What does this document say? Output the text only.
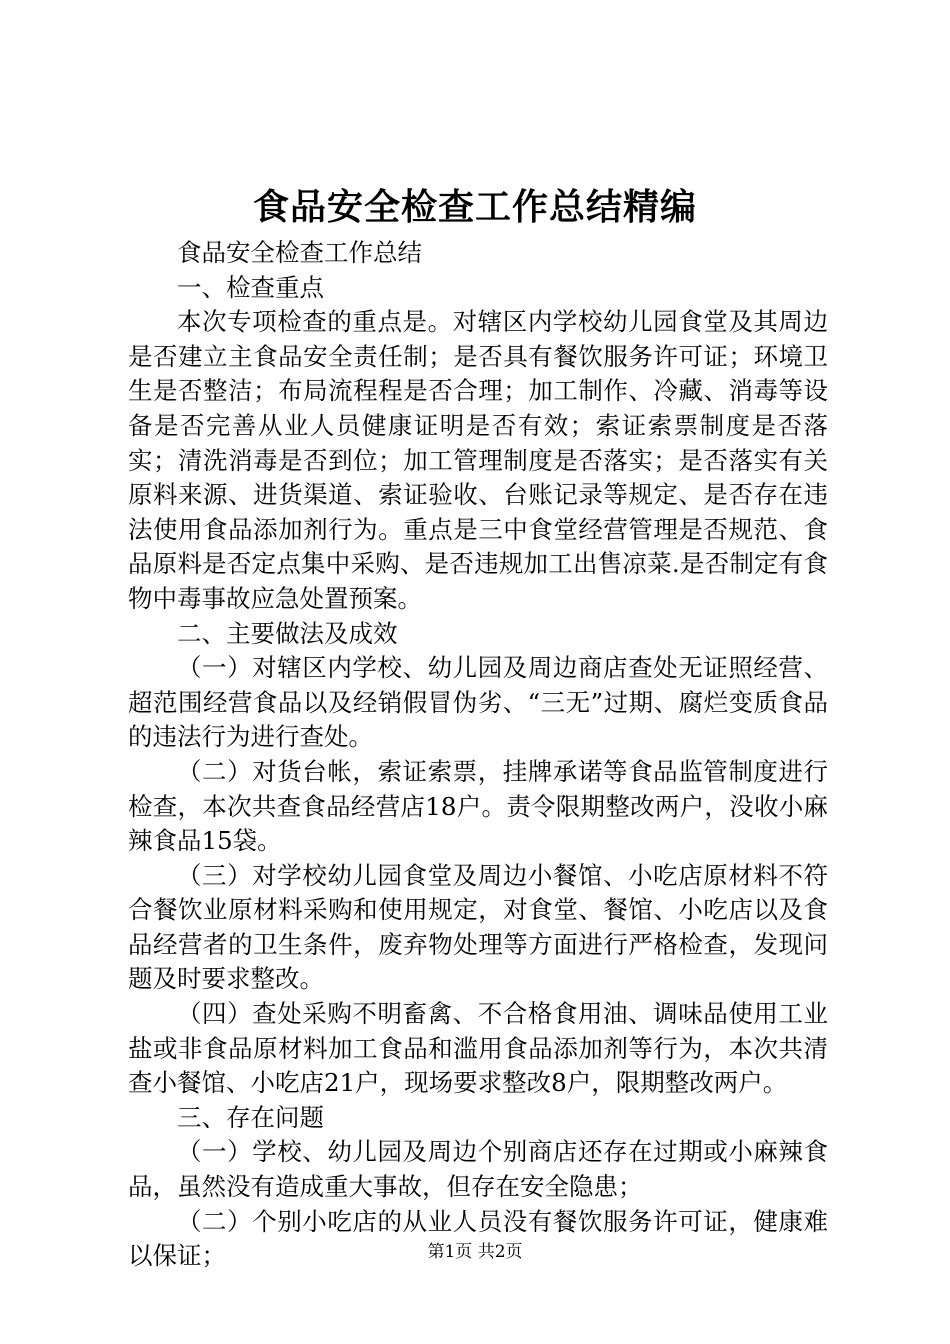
食品安全检查工作总结精编

食品安全检查工作总结

一、检查重点

本次专项检查的重点是。对辖区内学校幼儿园食堂及其周边是否建立主食品安全责任制；是否具有餐饮服务许可证；环境卫生是否整洁；布局流程程是否合理；加工制作、冷藏、消毒等设备是否完善从业人员健康证明是否有效；索证索票制度是否落实；清洗消毒是否到位；加工管理制度是否落实；是否落实有关原料来源、进货渠道、索证验收、台账记录等规定、是否存在违法使用食品添加剂行为。重点是三中食堂经营管理是否规范、食品原料是否定点集中采购、是否违规加工出售凉菜.是否制定有食物中毒事故应急处置预案。

二、主要做法及成效

（一）对辖区内学校、幼儿园及周边商店查处无证照经营、超范围经营食品以及经销假冒伪劣、“三无”过期、腐烂变质食品的违法行为进行查处。

（二）对货台帐，索证索票，挂牌承诺等食品监管制度进行检查，本次共查食品经营店18户。责令限期整改两户，没收小麻辣食品15袋。

（三）对学校幼儿园食堂及周边小餐馆、小吃店原材料不符合餐饮业原材料采购和使用规定，对食堂、餐馆、小吃店以及食品经营者的卫生条件，废弃物处理等方面进行严格检查，发现问题及时要求整改。

（四）查处采购不明畜禽、不合格食用油、调味品使用工业盐或非食品原材料加工食品和滥用食品添加剂等行为，本次共清查小餐馆、小吃店21户，现场要求整改8户，限期整改两户。

三、存在问题

（一）学校、幼儿园及周边个别商店还存在过期或小麻辣食品，虽然没有造成重大事故，但存在安全隐患；

（二）个别小吃店的从业人员没有餐饮服务许可证，健康难以保证；	第1页 共2页
